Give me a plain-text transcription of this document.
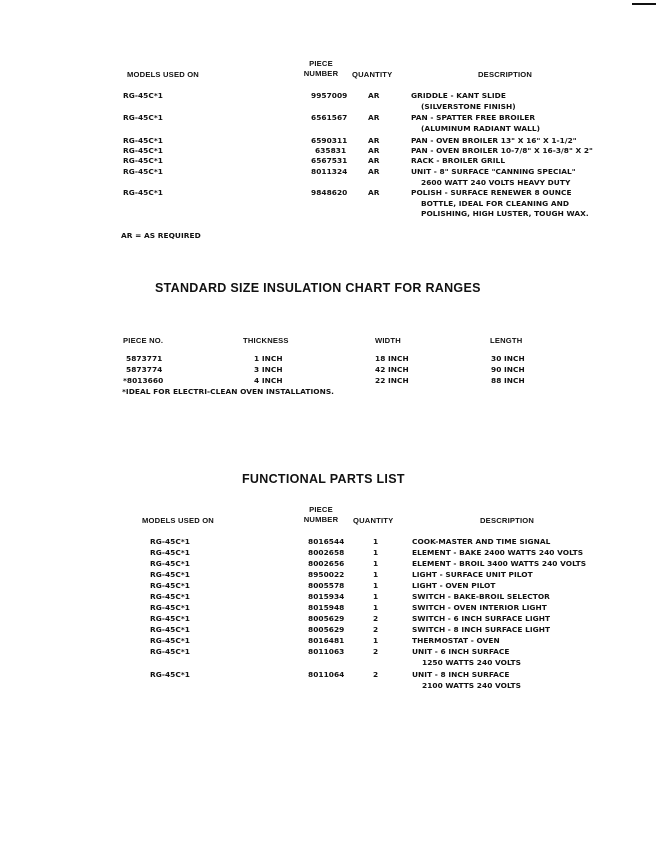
MODELS USED ON
PIECE
NUMBER	QUANTITY	DESCRIPTION
RG-45C*1	9957009	AR	GRIDDLE - KANT SLIDE
(SILVERSTONE FINISH)
RG-45C*1	6561567	AR	PAN - SPATTER FREE BROILER
(ALUMINUM RADIANT WALL)
RG-45C*1	6590311	AR	PAN - OVEN BROILER 13" X 16" X 1-1/2"
RG-45C*1	635831	AR	PAN - OVEN BROILER 10-7/8" X 16-3/8" X 2"
RG-45C*1	6567531	AR	RACK - BROILER GRILL
RG-45C*1	8011324	AR	UNIT - 8" SURFACE "CANNING SPECIAL"
2600 WATT 240 VOLTS HEAVY DUTY
RG-45C*1	9848620	AR	POLISH - SURFACE RENEWER 8 OUNCE
BOTTLE, IDEAL FOR CLEANING AND
POLISHING, HIGH LUSTER, TOUGH WAX.
AR = AS REQUIRED
STANDARD SIZE INSULATION CHART FOR RANGES
PIECE NO.	THICKNESS	WIDTH	LENGTH
5873771	1 INCH	18 INCH	30 INCH
5873774	3 INCH	42 INCH	90 INCH
*8013660	4 INCH	22 INCH	88 INCH
*IDEAL FOR ELECTRI-CLEAN OVEN INSTALLATIONS.
FUNCTIONAL PARTS LIST
MODELS USED ON
PIECE
NUMBER	QUANTITY	DESCRIPTION
RG-45C*1	8016544	1	COOK-MASTER AND TIME SIGNAL
RG-45C*1	8002658	1	ELEMENT - BAKE 2400 WATTS 240 VOLTS
RG-45C*1	8002656	1	ELEMENT - BROIL 3400 WATTS 240 VOLTS
RG-45C*1	8950022	1	LIGHT - SURFACE UNIT PILOT
RG-45C*1	8005578	1	LIGHT - OVEN PILOT
RG-45C*1	8015934	1	SWITCH - BAKE-BROIL SELECTOR
RG-45C*1	8015948	1	SWITCH - OVEN INTERIOR LIGHT
RG-45C*1	8005629	2	SWITCH - 6 INCH SURFACE LIGHT
RG-45C*1	8005629	2	SWITCH - 8 INCH SURFACE LIGHT
RG-45C*1	8016481	1	THERMOSTAT - OVEN
RG-45C*1	8011063	2	UNIT - 6 INCH SURFACE
1250 WATTS 240 VOLTS
RG-45C*1	8011064	2	UNIT - 8 INCH SURFACE
2100 WATTS 240 VOLTS
